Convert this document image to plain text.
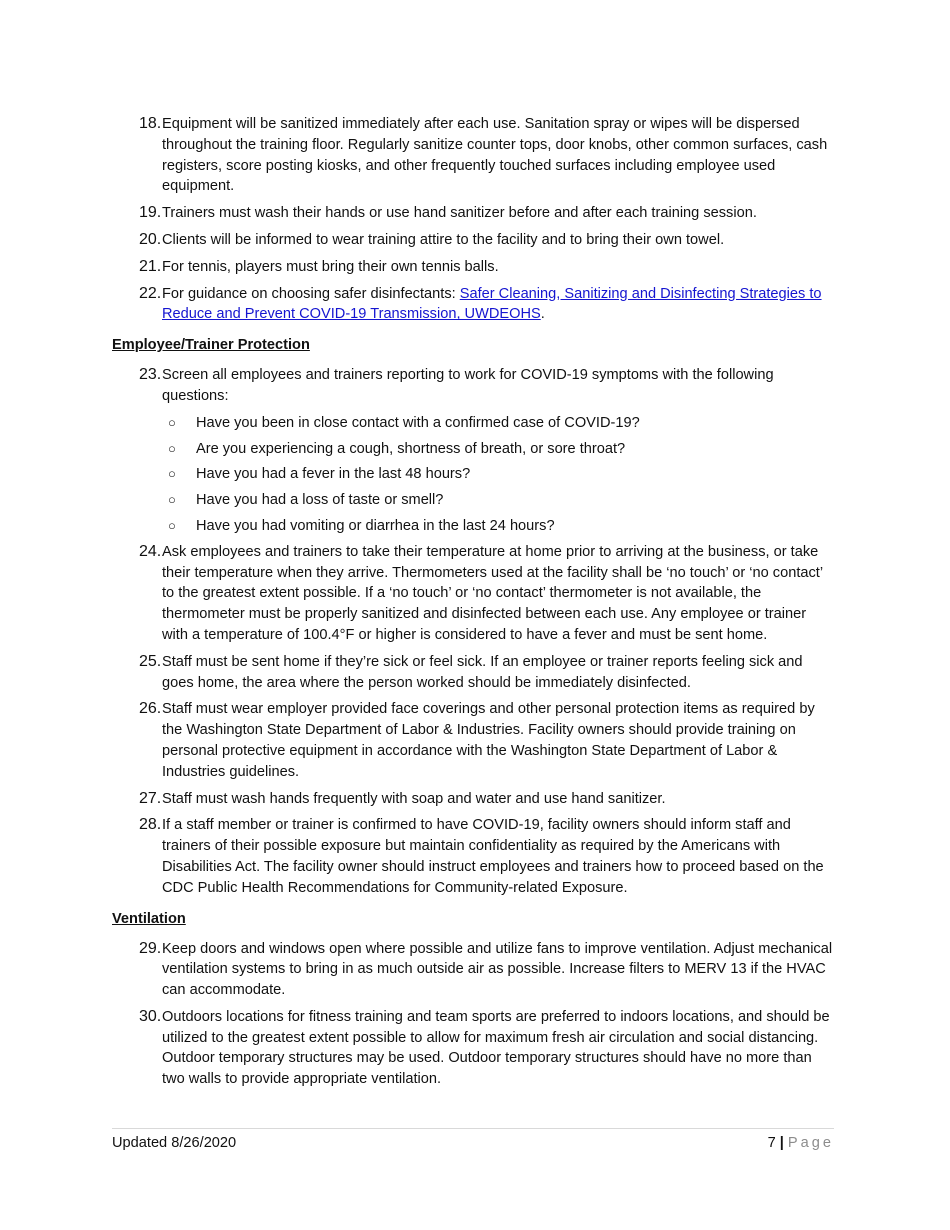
18. Equipment will be sanitized immediately after each use. Sanitation spray or wipes will be dispersed throughout the training floor. Regularly sanitize counter tops, door knobs, other common surfaces, cash registers, score posting kiosks, and other frequently touched surfaces including employee used equipment.
19. Trainers must wash their hands or use hand sanitizer before and after each training session.
20. Clients will be informed to wear training attire to the facility and to bring their own towel.
21. For tennis, players must bring their own tennis balls.
22. For guidance on choosing safer disinfectants: Safer Cleaning, Sanitizing and Disinfecting Strategies to Reduce and Prevent COVID-19 Transmission, UWDEOHS.
Employee/Trainer Protection
23. Screen all employees and trainers reporting to work for COVID-19 symptoms with the following questions:
○	Have you been in close contact with a confirmed case of COVID-19?
○	Are you experiencing a cough, shortness of breath, or sore throat?
○	Have you had a fever in the last 48 hours?
○	Have you had a loss of taste or smell?
○	Have you had vomiting or diarrhea in the last 24 hours?
24. Ask employees and trainers to take their temperature at home prior to arriving at the business, or take their temperature when they arrive. Thermometers used at the facility shall be ‘no touch’ or ‘no contact’ to the greatest extent possible. If a ‘no touch’ or ‘no contact’ thermometer is not available, the thermometer must be properly sanitized and disinfected between each use. Any employee or trainer with a temperature of 100.4°F or higher is considered to have a fever and must be sent home.
25. Staff must be sent home if they’re sick or feel sick. If an employee or trainer reports feeling sick and goes home, the area where the person worked should be immediately disinfected.
26. Staff must wear employer provided face coverings and other personal protection items as required by the Washington State Department of Labor & Industries. Facility owners should provide training on personal protective equipment in accordance with the Washington State Department of Labor & Industries guidelines.
27. Staff must wash hands frequently with soap and water and use hand sanitizer.
28. If a staff member or trainer is confirmed to have COVID-19, facility owners should inform staff and trainers of their possible exposure but maintain confidentiality as required by the Americans with Disabilities Act. The facility owner should instruct employees and trainers how to proceed based on the CDC Public Health Recommendations for Community-related Exposure.
Ventilation
29. Keep doors and windows open where possible and utilize fans to improve ventilation. Adjust mechanical ventilation systems to bring in as much outside air as possible. Increase filters to MERV 13 if the HVAC can accommodate.
30. Outdoors locations for fitness training and team sports are preferred to indoors locations, and should be utilized to the greatest extent possible to allow for maximum fresh air circulation and social distancing. Outdoor temporary structures may be used. Outdoor temporary structures should have no more than two walls to provide appropriate ventilation.
Updated 8/26/2020	7 | Page
